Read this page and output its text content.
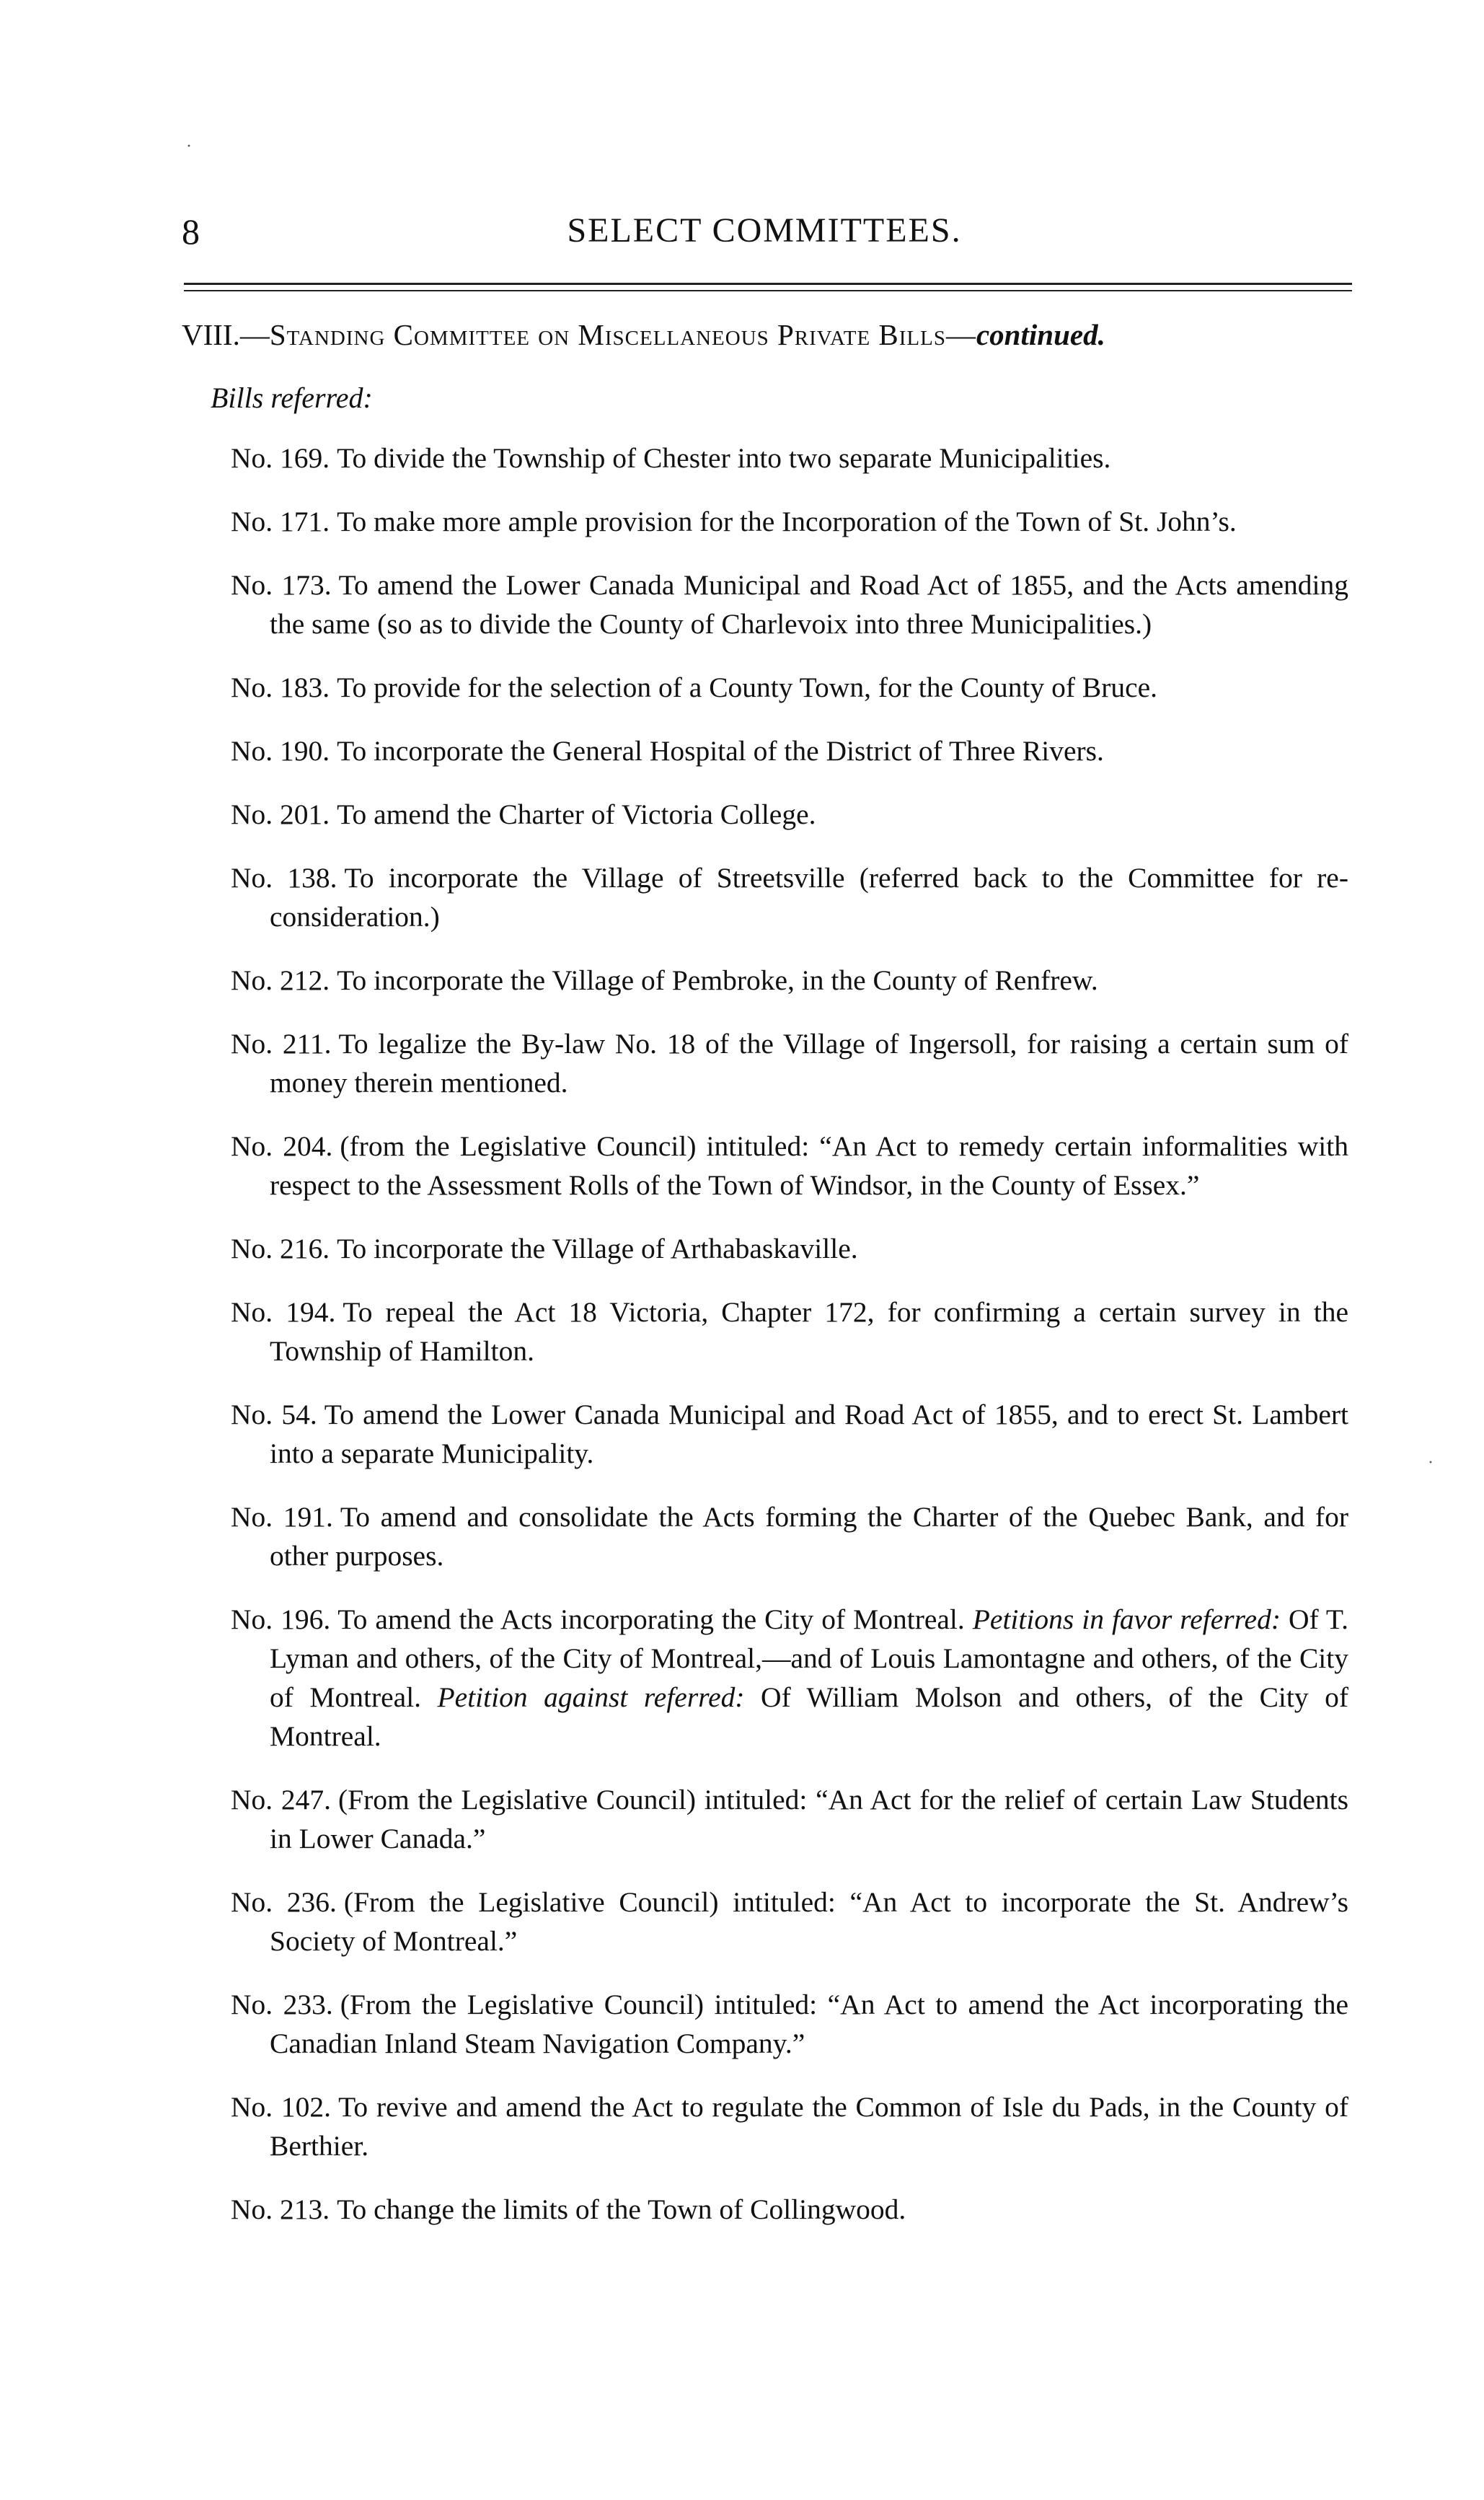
8	SELECT COMMITTEES.
VIII.—Standing Committee on Miscellaneous Private Bills—continued.
Bills referred:
No. 169. To divide the Township of Chester into two separate Municipalities.
No. 171. To make more ample provision for the Incorporation of the Town of St. John’s.
No. 173. To amend the Lower Canada Municipal and Road Act of 1855, and the Acts amending the same (so as to divide the County of Charlevoix into three Municipalities.)
No. 183. To provide for the selection of a County Town, for the County of Bruce.
No. 190. To incorporate the General Hospital of the District of Three Rivers.
No. 201. To amend the Charter of Victoria College.
No. 138. To incorporate the Village of Streetsville (referred back to the Committee for re-consideration.)
No. 212. To incorporate the Village of Pembroke, in the County of Renfrew.
No. 211. To legalize the By-law No. 18 of the Village of Ingersoll, for raising a certain sum of money therein mentioned.
No. 204. (from the Legislative Council) intituled: “An Act to remedy certain informalities with respect to the Assessment Rolls of the Town of Windsor, in the County of Essex.”
No. 216. To incorporate the Village of Arthabaskaville.
No. 194. To repeal the Act 18 Victoria, Chapter 172, for confirming a certain survey in the Township of Hamilton.
No. 54. To amend the Lower Canada Municipal and Road Act of 1855, and to erect St. Lambert into a separate Municipality.
No. 191. To amend and consolidate the Acts forming the Charter of the Quebec Bank, and for other purposes.
No. 196. To amend the Acts incorporating the City of Montreal. Petitions in favor referred: Of T. Lyman and others, of the City of Montreal,—and of Louis Lamontagne and others, of the City of Montreal. Petition against referred: Of William Molson and others, of the City of Montreal.
No. 247. (From the Legislative Council) intituled: “An Act for the relief of certain Law Students in Lower Canada.”
No. 236. (From the Legislative Council) intituled: “An Act to incorporate the St. Andrew’s Society of Montreal.”
No. 233. (From the Legislative Council) intituled: “An Act to amend the Act incorporating the Canadian Inland Steam Navigation Company.”
No. 102. To revive and amend the Act to regulate the Common of Isle du Pads, in the County of Berthier.
No. 213. To change the limits of the Town of Collingwood.
·
·
